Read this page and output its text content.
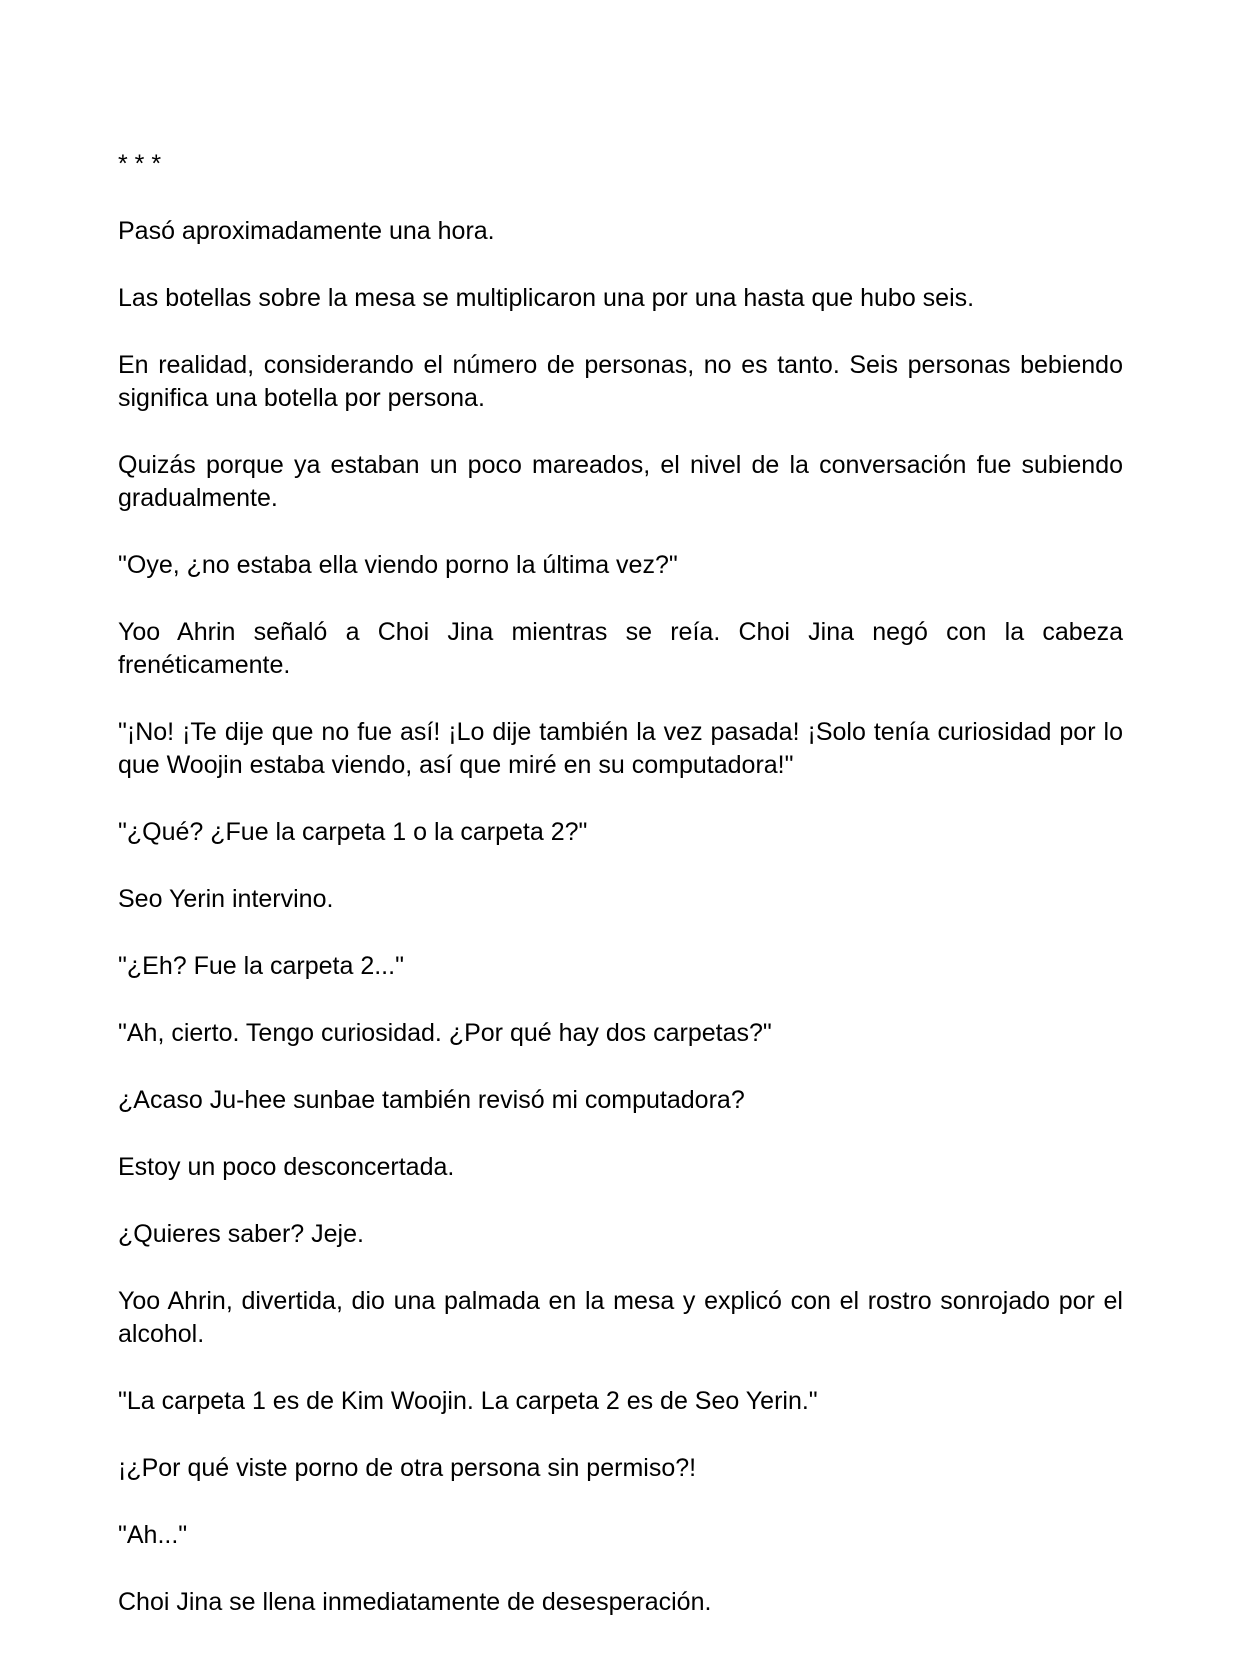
* * *

Pasó aproximadamente una hora.

Las botellas sobre la mesa se multiplicaron una por una hasta que hubo seis.

En realidad, considerando el número de personas, no es tanto. Seis personas bebiendo significa una botella por persona.

Quizás porque ya estaban un poco mareados, el nivel de la conversación fue subiendo gradualmente.

"Oye, ¿no estaba ella viendo porno la última vez?"

Yoo Ahrin señaló a Choi Jina mientras se reía. Choi Jina negó con la cabeza frenéticamente.

"¡No! ¡Te dije que no fue así! ¡Lo dije también la vez pasada! ¡Solo tenía curiosidad por lo que Woojin estaba viendo, así que miré en su computadora!"

"¿Qué? ¿Fue la carpeta 1 o la carpeta 2?"

Seo Yerin intervino.

"¿Eh? Fue la carpeta 2..."

"Ah, cierto. Tengo curiosidad. ¿Por qué hay dos carpetas?"

¿Acaso Ju-hee sunbae también revisó mi computadora?

Estoy un poco desconcertada.

¿Quieres saber? Jeje.

Yoo Ahrin, divertida, dio una palmada en la mesa y explicó con el rostro sonrojado por el alcohol.

"La carpeta 1 es de Kim Woojin. La carpeta 2 es de Seo Yerin."

¡¿Por qué viste porno de otra persona sin permiso?!

"Ah..."

Choi Jina se llena inmediatamente de desesperación.
